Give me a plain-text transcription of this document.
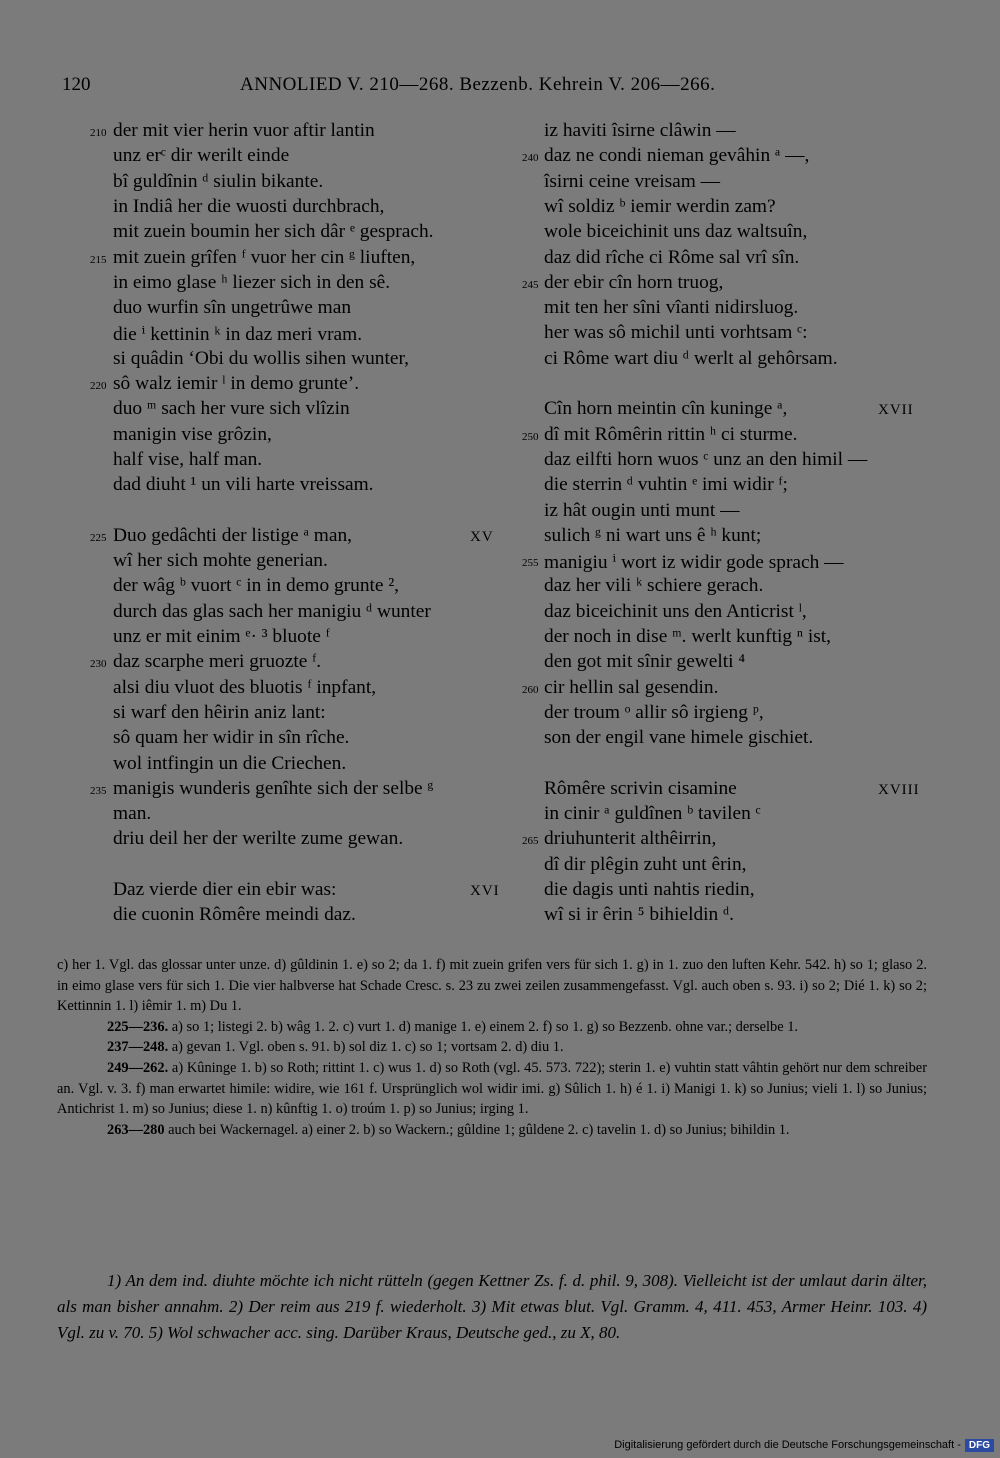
120	ANNOLIED V. 210—268. Bezzenb. Kehrein V. 206—266.
210 der mit vier herin vuor aftir lantin
unz erᶜ dir werilt einde
bî guldînin ᵈ siulin bikante.
in Indiâ her die wuosti durchbrach,
mit zuein boumin her sich dâr ᵉ gesprach.
215 mit zuein grîfen ᶠ vuor her cin ᵍ liuften,
in eimo glase ʰ liezer sich in den sê.
duo wurfin sîn ungetrûwe man
die ⁱ kettinin ᵏ in daz meri vram.
si quâdin ‘Obi du wollis sihen wunter,
220 sô walz iemir ˡ in demo grunte’.
duo ᵐ sach her vure sich vlîzin
manigin vise grôzin,
half vise, half man.
dad diuht ¹ un vili harte vreissam.
225 Duo gedâchti der listige ᵃ man,	XV
wî her sich mohte generian.
der wâg ᵇ vuort ᶜ in in demo grunte ²,
durch das glas sach her manigiu ᵈ wunter
unz er mit einim ᵉ· ³ bluote ᶠ
230 daz scarphe meri gruozte ᶠ.
alsi diu vluot des bluotis ᶠ inpfant,
si warf den hêirin aniz lant:
sô quam her widir in sîn rîche.
wol intfingin un die Criechen.
235 manigis wunderis genîhte sich der selbe ᵍ
man.
driu deil her der werilte zume gewan.
Daz vierde dier ein ebir was:	XVI
die cuonin Rômêre meindi daz.
iz haviti îsirne clâwin —
240 daz ne condi nieman gevâhin ᵃ —,
îsirni ceine vreisam —
wî soldiz ᵇ iemir werdin zam?
wole biceichinit uns daz waltsuîn,
daz did rîche ci Rôme sal vrî sîn.
245 der ebir cîn horn truog,
mit ten her sîni vîanti nidirsluog.
her was sô michil unti vorhtsam ᶜ:
ci Rôme wart diu ᵈ werlt al gehôrsam.
Cîn horn meintin cîn kuninge ᵃ,	XVII
250 dî mit Rômêrin rittin ʰ ci sturme.
daz eilfti horn wuos ᶜ unz an den himil —
die sterrin ᵈ vuhtin ᵉ imi widir ᶠ;
iz hât ougin unti munt —
sulich ᵍ ni wart uns ê ʰ kunt;
255 manigiu ⁱ wort iz widir gode sprach —
daz her vili ᵏ schiere gerach.
daz biceichinit uns den Anticrist ˡ,
der noch in dise ᵐ. werlt kunftig ⁿ ist,
den got mit sînir gewelti ⁴
260 cir hellin sal gesendin.
der troum ᵒ allir sô irgieng ᵖ,
son der engil vane himele gischiet.
Rômêre scrivin cisamine	XVIII
in cinir ᵃ guldînen ᵇ tavilen ᶜ
265 driuhunterit althêirrin,
dî dir plêgin zuht unt êrin,
die dagis unti nahtis riedin,
wî si ir êrin ⁵ bihieldin ᵈ.

c) her 1. Vgl. das glossar unter unze. d) gûldinin 1. e) so 2; da 1. f) mit zuein grifen vers für sich 1. g) in 1. zuo den luften Kehr. 542. h) so 1; glaso 2. in eimo glase vers für sich 1. Die vier halbverse hat Schade Cresc. s. 23 zu zwei zeilen zusammengefasst. Vgl. auch oben s. 93. i) so 2; Dié 1. k) so 2; Kettinnin 1. l) iêmir 1. m) Du 1.

225—236. a) so 1; listegi 2. b) wâg 1. 2. c) vurt 1. d) manige 1. e) einem 2. f) so 1. g) so Bezzenb. ohne var.; derselbe 1.

237—248. a) gevan 1. Vgl. oben s. 91. b) sol diz 1. c) so 1; vortsam 2. d) diu 1.

249—262. a) Kûninge 1. b) so Roth; rittint 1. c) wus 1. d) so Roth (vgl. 45. 573. 722); sterin 1. e) vuhtin statt vâhtin gehört nur dem schreiber an. Vgl. v. 3. f) man erwartet himile: widire, wie 161 f. Ursprünglich wol widir imi. g) Sûlich 1. h) é 1. i) Manigi 1. k) so Junius; vieli 1. l) so Junius; Antichrist 1. m) so Junius; diese 1. n) kûnftig 1. o) troúm 1. p) so Junius; irging 1.

263—280 auch bei Wackernagel. a) einer 2. b) so Wackern.; gûldine 1; gûldene 2. c) tavelin 1. d) so Junius; bihildin 1.

1) An dem ind. diuhte möchte ich nicht rütteln (gegen Kettner Zs. f. d. phil. 9, 308). Vielleicht ist der umlaut darin älter, als man bisher annahm. 2) Der reim aus 219 f. wiederholt. 3) Mit etwas blut. Vgl. Gramm. 4, 411. 453, Armer Heinr. 103. 4) Vgl. zu v. 70. 5) Wol schwacher acc. sing. Darüber Kraus, Deutsche ged., zu X, 80.

Digitalisierung gefördert durch die Deutsche Forschungsgemeinschaft - DFG
